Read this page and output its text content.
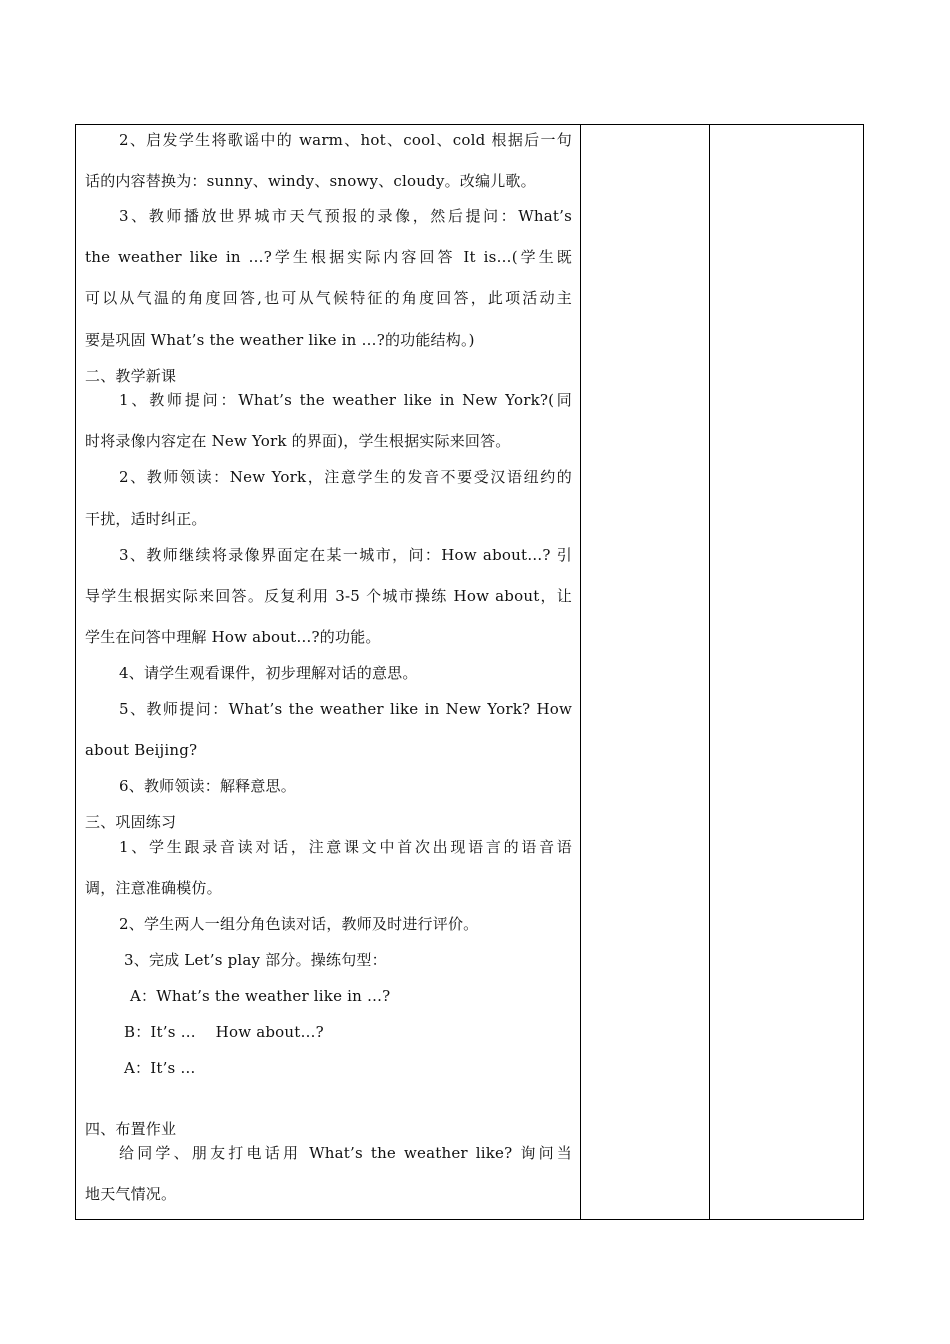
2、启发学生将歌谣中的 warm、hot、cool、cold 根据后一句
话的内容替换为：sunny、windy、snowy、cloudy。改编儿歌。
3、教师播放世界城市天气预报的录像，然后提问：What’s
the weather like in …?学生根据实际内容回答 It is…(学生既
可以从气温的角度回答,也可从气候特征的角度回答，此项活动主
要是巩固 What’s the weather like in …?的功能结构。)
二、教学新课
1、教师提问：What’s the weather like in New York?(同
时将录像内容定在 New York 的界面)，学生根据实际来回答。
2、教师领读：New York，注意学生的发音不要受汉语纽约的
干扰，适时纠正。
3、教师继续将录像界面定在某一城市，问：How about…? 引
导学生根据实际来回答。反复利用 3-5 个城市操练 How about，让
学生在问答中理解 How about…?的功能。
4、请学生观看课件，初步理解对话的意思。
5、教师提问：What’s the weather like in New York? How
about Beijing?
6、教师领读：解释意思。
三、巩固练习
1、学生跟录音读对话，注意课文中首次出现语言的语音语
调，注意准确模仿。
2、学生两人一组分角色读对话，教师及时进行评价。
3、完成 Let’s play 部分。操练句型：
A：What’s the weather like in …?
B：It’s …    How about…?
A：It’s …
四、布置作业
给同学、朋友打电话用 What’s the weather like? 询问当
地天气情况。
